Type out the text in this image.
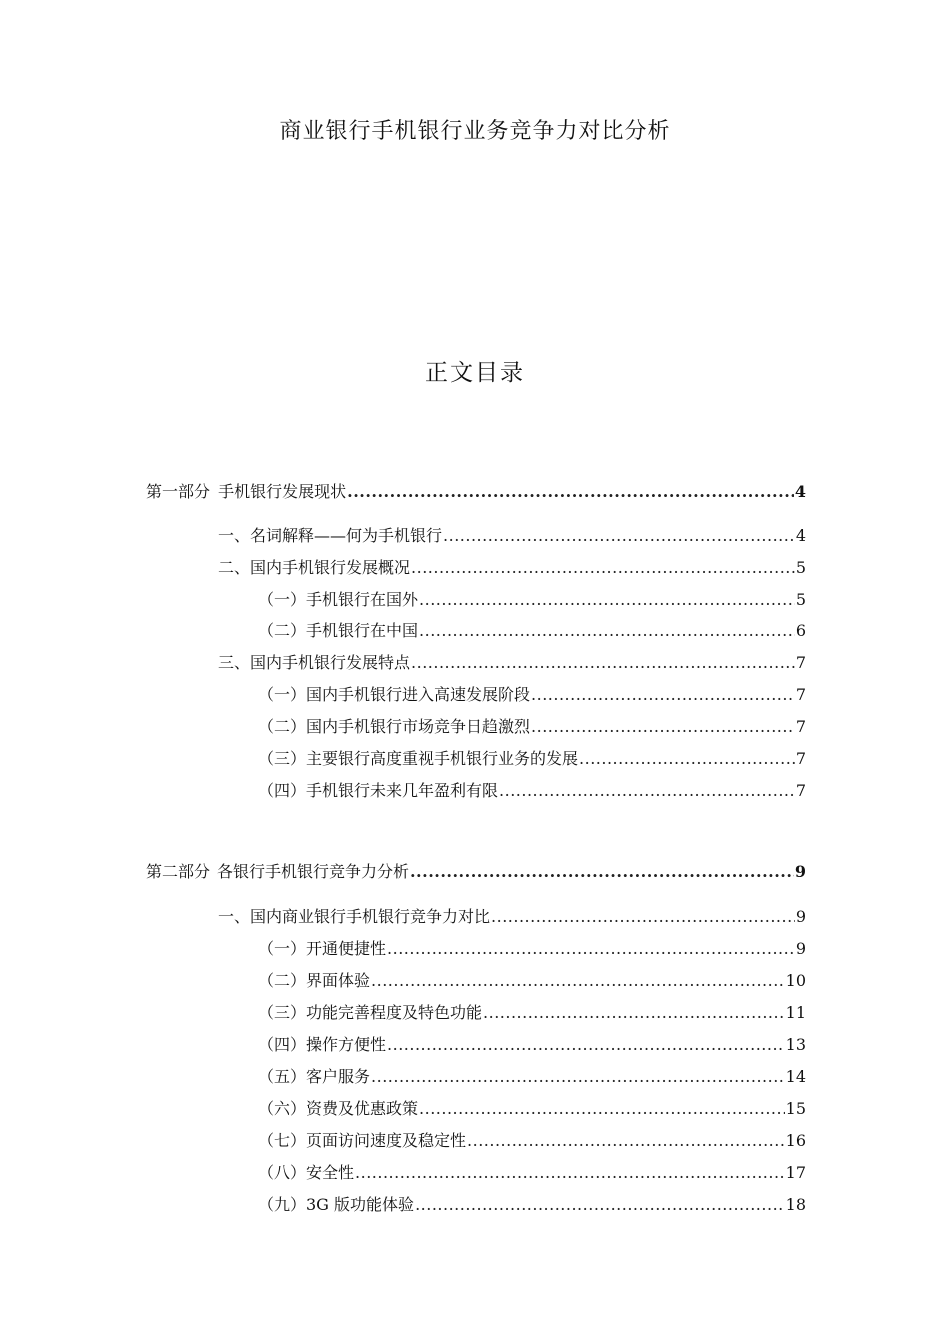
商业银行手机银行业务竞争力对比分析
正文目录
第一部分 手机银行发展现状 .....	4
一、名词解释——何为手机银行 .....	4
二、国内手机银行发展概况 .....	5
（一）手机银行在国外 .....	5
（二）手机银行在中国 .....	6
三、国内手机银行发展特点 .....	7
（一）国内手机银行进入高速发展阶段 .....	7
（二）国内手机银行市场竞争日趋激烈 .....	7
（三）主要银行高度重视手机银行业务的发展 .....	7
（四）手机银行未来几年盈利有限 .....	7
第二部分 各银行手机银行竞争力分析 .....	9
一、国内商业银行手机银行竞争力对比 .....	9
（一）开通便捷性 .....	9
（二）界面体验 .....	10
（三）功能完善程度及特色功能 .....	11
（四）操作方便性 .....	13
（五）客户服务 .....	14
（六）资费及优惠政策 .....	15
（七）页面访问速度及稳定性 .....	16
（八）安全性 .....	17
（九）3G 版功能体验 .....	18
